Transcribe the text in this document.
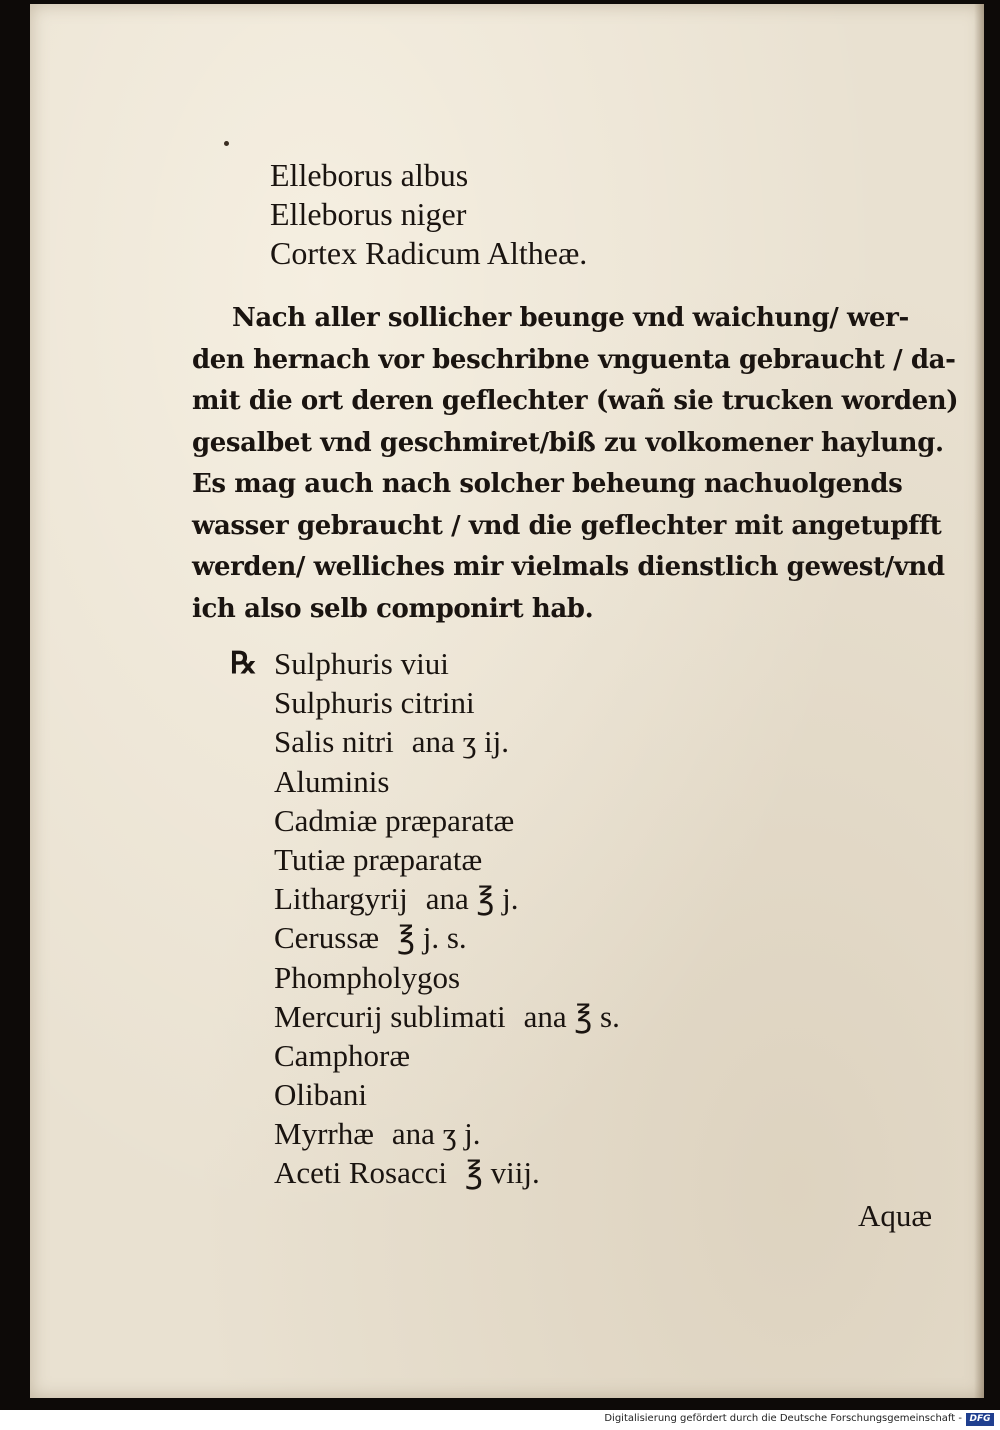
Elleborus albus
Elleborus niger
Cortex Radicum Altheæ.
Nach aller sollicher beunge vnd waichung/ wer-
den hernach vor beschribne vnguenta gebraucht / da-
mit die ort deren geflechter (wañ sie trucken worden)
gesalbet vnd geschmiret/biß zu volkomener haylung.
Es mag auch nach solcher beheung nachuolgends
wasser gebraucht / vnd die geflechter mit angetupfft
werden/ welliches mir vielmals dienstlich gewest/vnd
ich also selb componirt hab.
℞ Sulphuris viui
Sulphuris citrini
Salis nitri ana ʒ ij.
Aluminis
Cadmiæ præparatæ
Tutiæ præparatæ
Lithargyrij ana ℥ j.
Cerussæ ℥ j. s.
Phompholygos
Mercurij sublimati ana ℥ s.
Camphoræ
Olibani
Myrrhæ ana ʒ j.
Aceti Rosacci ℥ viij.
Aquæ
Digitalisierung gefördert durch die Deutsche Forschungsgemeinschaft - DFG
